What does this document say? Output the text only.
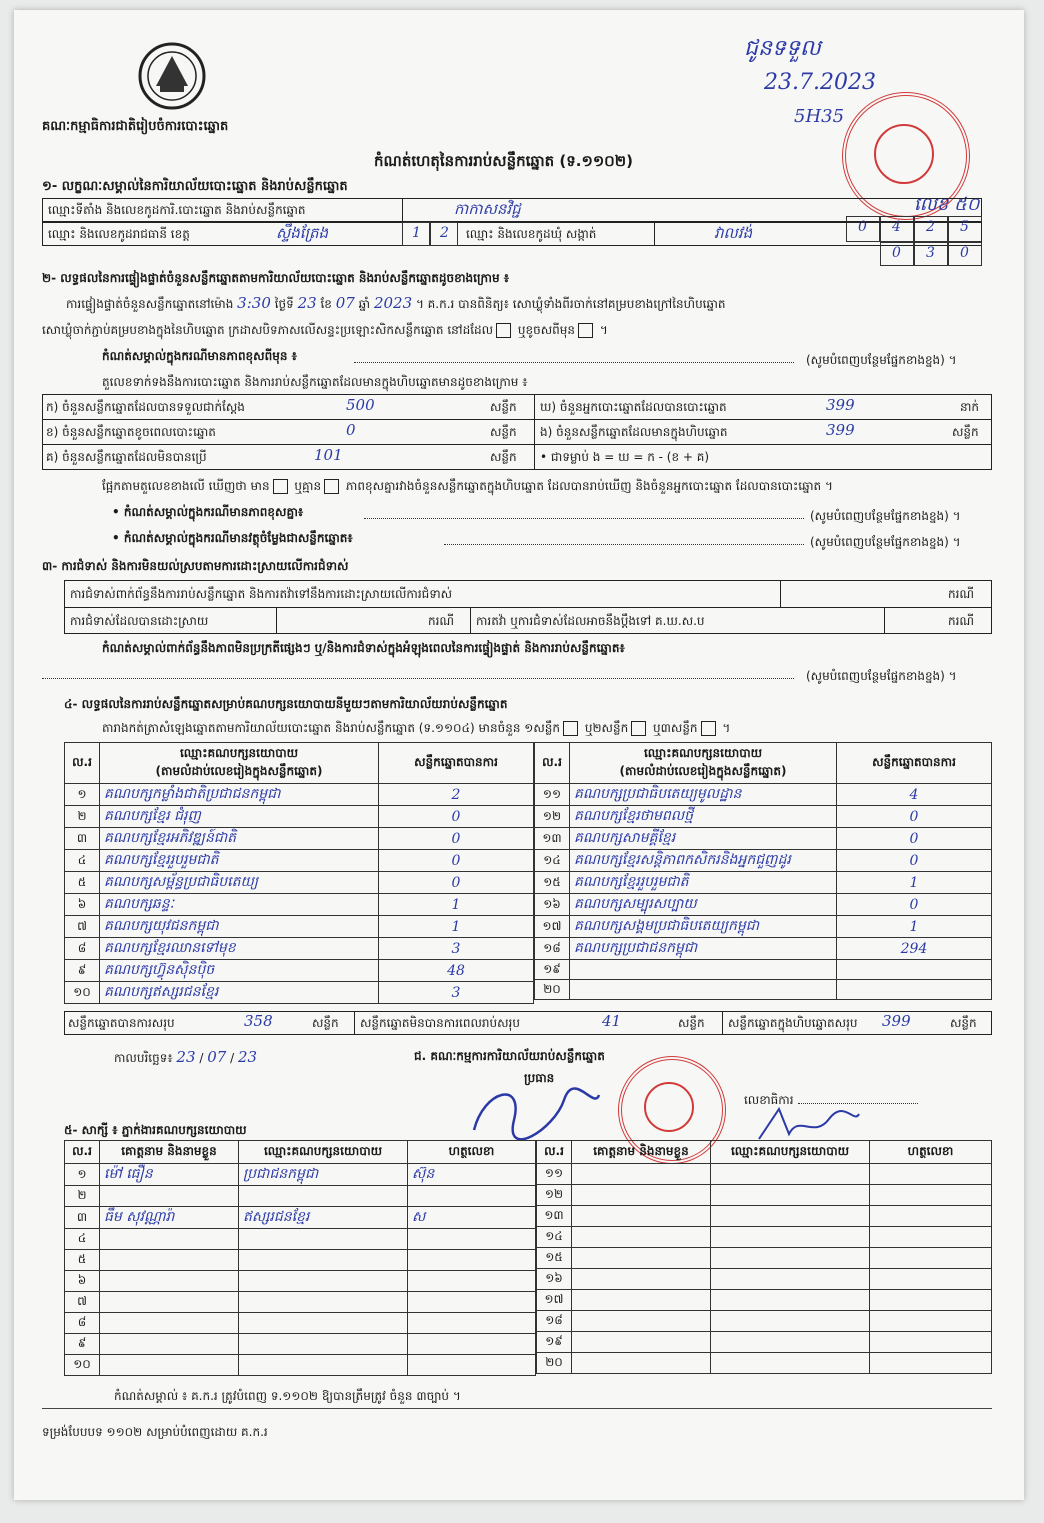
គណៈកម្មាធិការជាតិរៀបចំការបោះឆ្នោត
ជូនទទួល
23.7.2023
5H35
លេខ ៥០
កំណត់ហេតុនៃការរាប់សន្លឹកឆ្នោត (ទ.១១០២)
១- លក្ខណៈសម្គាល់នៃការិយាល័យបោះឆ្នោត និងរាប់សន្លឹកឆ្នោត
ឈ្មោះទីតាំង និងលេខកូដការិ.បោះឆ្នោត និងរាប់សន្លឹកឆ្នោត	កាកាសនវិជ្ជ
0 4 2 5
ឈ្មោះ និងលេខកូដរាជធានី ខេត្ត	ស្ទឹងត្រែង	1 2 ឈ្មោះ និងលេខកូដឃុំ សង្កាត់	វាលវង់
0 3 0
២- លទ្ធផលនៃការផ្ទៀងផ្ទាត់ចំនួនសន្លឹកឆ្នោតតាមការិយាល័យបោះឆ្នោត និងរាប់សន្លឹកឆ្នោតដូចខាងក្រោម ៖
ការផ្ទៀងផ្ទាត់ចំនួនសន្លឹកឆ្នោតនៅម៉ោង 3:30 ថ្ងៃទី 23 ខែ 07 ឆ្នាំ 2023 ។ គ.ក.រ បានពិនិត្យ៖ សោឃ្លុំទាំងពីរចាក់នៅគម្របខាងក្រៅនៃហិបឆ្នោត
សោឃ្លុំចាក់ភ្ជាប់គម្របខាងក្នុងនៃហិបឆ្នោត ក្រដាសបិទភាសលើសន្ទះប្រឡោះសិកសន្លឹកឆ្នោត នៅដដែល ឬខូចសពីមុន ។
កំណត់សម្គាល់ក្នុងករណីមានភាពខុសពីមុន ៖	(សូមបំពេញបន្ថែមផ្នែកខាងខ្នង) ។
តួលេខទាក់ទងនឹងការបោះឆ្នោត និងការរាប់សន្លឹកឆ្នោតដែលមានក្នុងហិបឆ្នោតមានដូចខាងក្រោម ៖
ក) ចំនួនសន្លឹកឆ្នោតដែលបានទទួលជាក់ស្តែង	500	សន្លឹក
ខ) ចំនួនសន្លឹកឆ្នោតខូចពេលបោះឆ្នោត	0	សន្លឹក
គ) ចំនួនសន្លឹកឆ្នោតដែលមិនបានប្រើ	101	សន្លឹក
ឃ) ចំនួនអ្នកបោះឆ្នោតដែលបានបោះឆ្នោត	399	នាក់
ង) ចំនួនសន្លឹកឆ្នោតដែលមានក្នុងហិបឆ្នោត	399	សន្លឹក
• ជាទម្លាប់ ង = ឃ = ក - (ខ + គ)
ផ្អែកតាមតួលេខខាងលើ ឃើញថា មាន ឬគ្មាន ភាពខុសគ្នារវាងចំនួនសន្លឹកឆ្នោតក្នុងហិបឆ្នោត ដែលបានរាប់ឃើញ និងចំនួនអ្នកបោះឆ្នោត ដែលបានបោះឆ្នោត ។
• កំណត់សម្គាល់ក្នុងករណីមានភាពខុសគ្នា៖	(សូមបំពេញបន្ថែមផ្នែកខាងខ្នង) ។
• កំណត់សម្គាល់ក្នុងករណីមានវត្ថុចំម្លែងជាសន្លឹកឆ្នោត៖	(សូមបំពេញបន្ថែមផ្នែកខាងខ្នង) ។
៣- ការជំទាស់ និងការមិនយល់ស្របតាមការដោះស្រាយលើការជំទាស់
ការជំទាស់ពាក់ព័ន្ធនឹងការរាប់សន្លឹកឆ្នោត និងការតវ៉ាទៅនឹងការដោះស្រាយលើការជំទាស់	ករណី
ការជំទាស់ដែលបានដោះស្រាយ	ករណី ការតវ៉ា ឬការជំទាស់ដែលអាចនឹងប្តឹងទៅ គ.ឃ.ស.ប	ករណី
កំណត់សម្គាល់ពាក់ព័ន្ធនឹងភាពមិនប្រក្រតីផ្សេងៗ ឬ/និងការជំទាស់ក្នុងអំឡុងពេលនៃការផ្ទៀងផ្ទាត់ និងការរាប់សន្លឹកឆ្នោត៖
(សូមបំពេញបន្ថែមផ្នែកខាងខ្នង) ។
៤- លទ្ធផលនៃការរាប់សន្លឹកឆ្នោតសម្រាប់គណបក្សនយោបាយនីមួយៗតាមការិយាល័យរាប់សន្លឹកឆ្នោត
តារាងកត់ត្រាសំឡេងឆ្នោតតាមការិយាល័យបោះឆ្នោត និងរាប់សន្លឹកឆ្នោត (ទ.១១០៤) មានចំនួន ១សន្លឹក ឬ២សន្លឹក ឬ៣សន្លឹក ។
ល.រ	ឈ្មោះគណបក្សនយោបាយ
(តាមលំដាប់លេខរៀងក្នុងសន្លឹកឆ្នោត)	សន្លឹកឆ្នោតបានការ
១	គណបក្សកម្លាំងជាតិប្រជាជនកម្ពុជា	2
២	គណបក្សខ្មែរ ជំរុញ	0
៣	គណបក្សខ្មែរអភិវឌ្ឍន៍ជាតិ	0
៤	គណបក្សខ្មែររួបរួមជាតិ	0
៥	គណបក្សសម្ព័ន្ធប្រជាធិបតេយ្យ	0
៦	គណបក្សឆន្ទៈ	1
៧	គណបក្សយុវជនកម្ពុជា	1
៨	គណបក្សខ្មែរឈានទៅមុខ	3
៩	គណបក្សហ៊្វុនស៊ិនប៉ិច	48
១០	គណបក្សឥស្សរជនខ្មែរ	3
ល.រ	ឈ្មោះគណបក្សនយោបាយ
(តាមលំដាប់លេខរៀងក្នុងសន្លឹកឆ្នោត)	សន្លឹកឆ្នោតបានការ
១១	គណបក្សប្រជាធិបតេយ្យមូលដ្ឋាន	4
១២	គណបក្សខ្មែរថាមពលថ្មី	0
១៣	គណបក្សសាមគ្គីខ្មែរ	0
១៤	គណបក្សខ្មែរសន្តិភាពកសិករនិងអ្នកជួញដូរ	0
១៥	គណបក្សខ្មែររួបរួមជាតិ	1
១៦	គណបក្សសម្បុរសប្បាយ	0
១៧	គណបក្សសង្គមប្រជាធិបតេយ្យកម្ពុជា	1
១៨	គណបក្សប្រជាជនកម្ពុជា	294
១៩		
២០		
សន្លឹកឆ្នោតបានការសរុប	358	សន្លឹក សន្លឹកឆ្នោតមិនបានការពេលរាប់សរុប	41	សន្លឹក សន្លឹកឆ្នោតក្នុងហិបឆ្នោតសរុប 399	សន្លឹក
កាលបរិច្ឆេទ៖ 23 / 07 / 23	ជ. គណៈកម្មការការិយាល័យរាប់សន្លឹកឆ្នោត
ប្រធាន
លេខាធិការ
៥- សាក្សី ៖ ភ្នាក់ងារគណបក្សនយោបាយ
ល.រ	គោត្តនាម និងនាមខ្លួន	ឈ្មោះគណបក្សនយោបាយ	ហត្ថលេខា
១	ម៉ៅ ធឿន	ប្រជាជនកម្ពុជា	ស៊ុន
២			
៣	ធឹម សុវណ្ណារ៉ា	ឥស្សរជនខ្មែរ	ស
៤			
៥			
៦			
៧			
៨			
៩			
១០			
ល.រ	គោត្តនាម និងនាមខ្លួន	ឈ្មោះគណបក្សនយោបាយ	ហត្ថលេខា
១១			
១២			
១៣			
១៤			
១៥			
១៦			
១៧			
១៨			
១៩			
២០			
កំណត់សម្គាល់ ៖ គ.ក.រ ត្រូវបំពេញ ទ.១១០២ ឱ្យបានត្រឹមត្រូវ ចំនួន ៣ច្បាប់ ។
ទម្រង់បែបបទ ១១០២ សម្រាប់បំពេញដោយ គ.ក.រ
